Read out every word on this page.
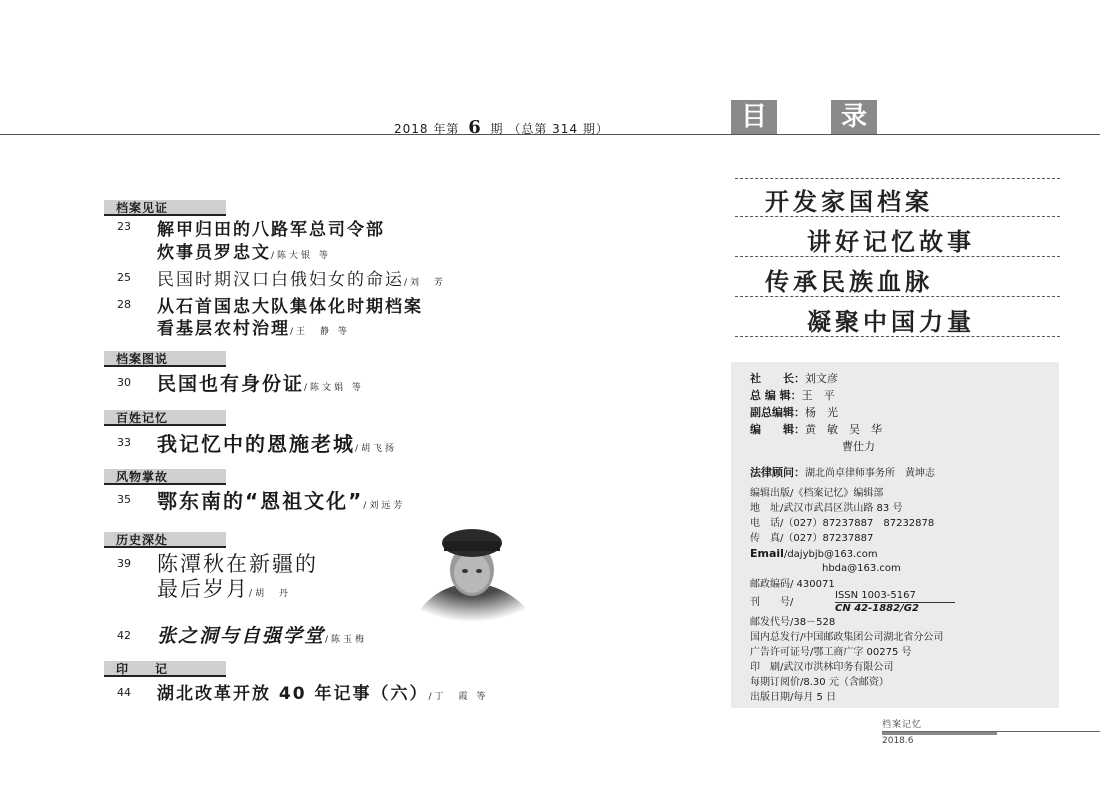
2018 年第 6 期 （总第 314 期）	目	录
档案见证
23 解甲归田的八路军总司令部
炊事员罗忠文/陈大银 等
25 民国时期汉口白俄妇女的命运/刘　芳
28 从石首国忠大队集体化时期档案
看基层农村治理/王　静 等
档案图说
30 民国也有身份证/陈文娟 等
百姓记忆
33 我记忆中的恩施老城/胡飞扬
风物掌故
35 鄂东南的“恩祖文化”/刘远芳
历史深处
39 陈潭秋在新疆的
最后岁月/胡　丹
42 张之洞与自强学堂/陈玉梅
印　　记
44 湖北改革开放 40 年记事（六）/丁　霞 等
开发家国档案
讲好记忆故事
传承民族血脉
凝聚中国力量
社　　长：刘文彦
总 编 辑：王　平
副总编辑：杨　光
编　　辑：黄　敏　吴　华
曹仕力
法律顾问：湖北尚卓律师事务所　黄坤志
编辑出版/《档案记忆》编辑部
地　址/武汉市武昌区洪山路 83 号
电　话/（027）87237887　87232878
传　真/（027）87237887
Email/dajybjb@163.com
hbda@163.com
邮政编码/ 430071
刊　　号/
ISSN 1003-5167
CN 42-1882/G2
邮发代号/38－528
国内总发行/中国邮政集团公司湖北省分公司
广告许可证号/鄂工商广字 00275 号
印　刷/武汉市洪林印务有限公司
每期订阅价/8.30 元（含邮资）
出版日期/每月 5 日
档案记忆
2018.6
